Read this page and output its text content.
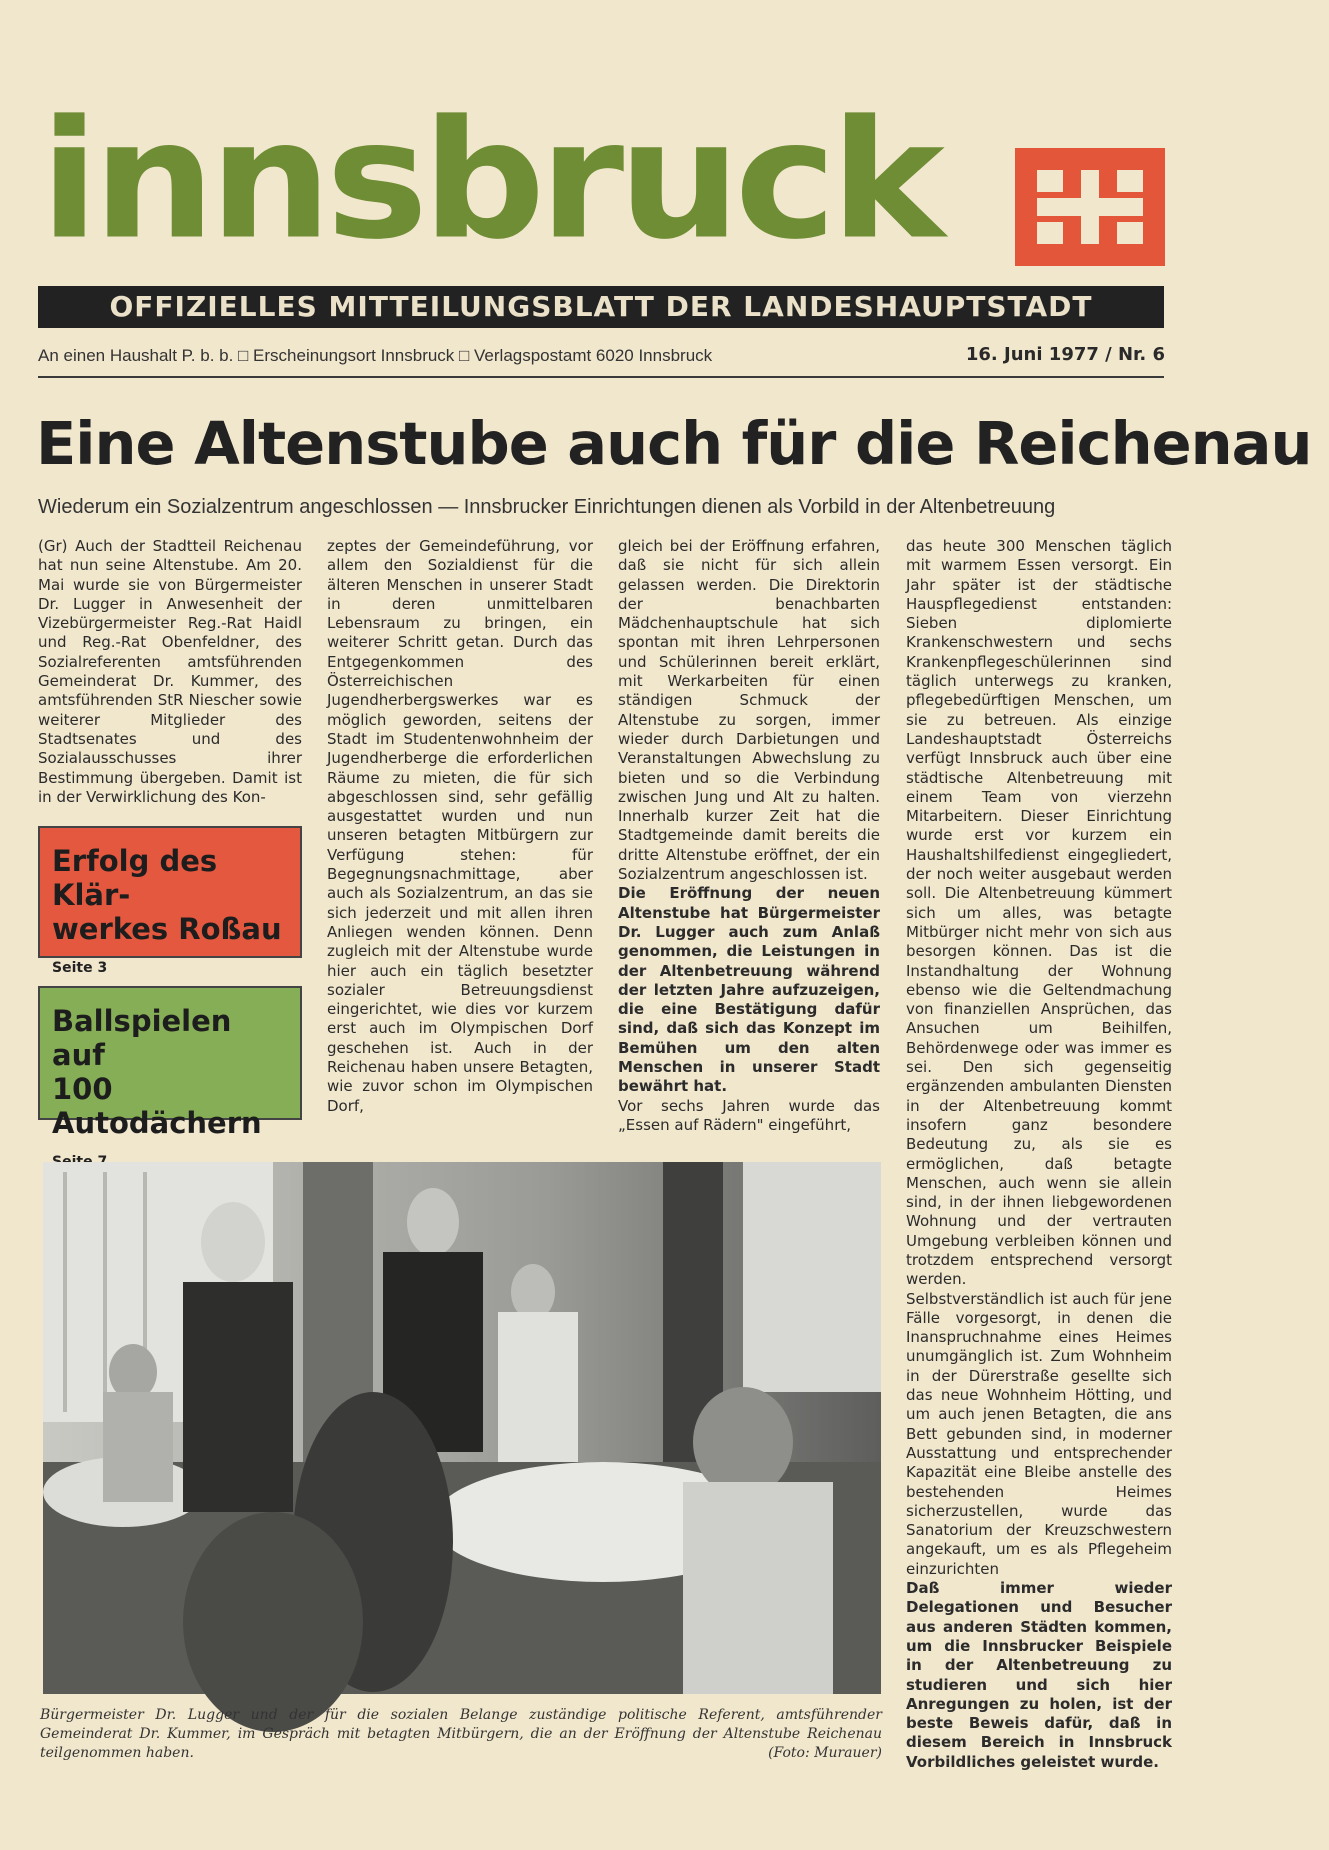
innsbruck
OFFIZIELLES MITTEILUNGSBLATT DER LANDESHAUPTSTADT
An einen Haushalt P. b. b. □ Erscheinungsort Innsbruck □ Verlagspostamt 6020 Innsbruck	16. Juni 1977 / Nr. 6
Eine Altenstube auch für die Reichenau
Wiederum ein Sozialzentrum angeschlossen — Innsbrucker Einrichtungen dienen als Vorbild in der Altenbetreuung
(Gr) Auch der Stadtteil Reichenau hat nun seine Altenstube. Am 20. Mai wurde sie von Bürgermeister Dr. Lugger in Anwesenheit der Vizebürgermeister Reg.-Rat Haidl und Reg.-Rat Obenfeldner, des Sozialreferenten amtsführenden Gemeinderat Dr. Kummer, des amtsführenden StR Niescher sowie weiterer Mitglieder des Stadtsenates und des Sozialausschusses ihrer Bestimmung übergeben. Damit ist in der Verwirklichung des Kon-
Erfolg des Klär-
werkes Roßau
Seite 3
Ballspielen auf
100 Autodächern
zeptes der Gemeindeführung, vor allem den Sozialdienst für die älteren Menschen in unserer Stadt in deren unmittelbaren Lebensraum zu bringen, ein weiterer Schritt getan. Durch das Entgegenkommen des Österreichischen Jugendherbergswerkes war es möglich geworden, seitens der Stadt im Studentenwohnheim der Jugendherberge die erforderlichen Räume zu mieten, die für sich abgeschlossen sind, sehr gefällig ausgestattet wurden und nun unseren betagten Mitbürgern zur Verfügung stehen: für Begegnungsnachmittage, aber auch als Sozialzentrum, an das sie sich jederzeit und mit allen ihren Anliegen wenden können. Denn zugleich mit der Altenstube wurde hier auch ein täglich besetzter sozialer Betreuungsdienst eingerichtet, wie dies vor kurzem erst auch im Olympischen Dorf geschehen ist. Auch in der Reichenau haben unsere Betagten, wie zuvor schon im Olympischen Dorf,
gleich bei der Eröffnung erfahren, daß sie nicht für sich allein gelassen werden. Die Direktorin der benachbarten Mädchenhauptschule hat sich spontan mit ihren Lehrpersonen und Schülerinnen bereit erklärt, mit Werkarbeiten für einen ständigen Schmuck der Altenstube zu sorgen, immer wieder durch Darbietungen und Veranstaltungen Abwechslung zu bieten und so die Verbindung zwischen Jung und Alt zu halten. Innerhalb kurzer Zeit hat die Stadtgemeinde damit bereits die dritte Altenstube eröffnet, der ein Sozialzentrum angeschlossen ist.
Die Eröffnung der neuen Altenstube hat Bürgermeister Dr. Lugger auch zum Anlaß genommen, die Leistungen in der Altenbetreuung während der letzten Jahre aufzuzeigen, die eine Bestätigung dafür sind, daß sich das Konzept im Bemühen um den alten Menschen in unserer Stadt bewährt hat.
Vor sechs Jahren wurde das „Essen auf Rädern" eingeführt,
das heute 300 Menschen täglich mit warmem Essen versorgt. Ein Jahr später ist der städtische Hauspflegedienst entstanden: Sieben diplomierte Krankenschwestern und sechs Krankenpflegeschülerinnen sind täglich unterwegs zu kranken, pflegebedürftigen Menschen, um sie zu betreuen. Als einzige Landeshauptstadt Österreichs verfügt Innsbruck auch über eine städtische Altenbetreuung mit einem Team von vierzehn Mitarbeitern. Dieser Einrichtung wurde erst vor kurzem ein Haushaltshilfedienst eingegliedert, der noch weiter ausgebaut werden soll. Die Altenbetreuung kümmert sich um alles, was betagte Mitbürger nicht mehr von sich aus besorgen können. Das ist die Instandhaltung der Wohnung ebenso wie die Geltendmachung von finanziellen Ansprüchen, das Ansuchen um Beihilfen, Behördenwege oder was immer es sei. Den sich gegenseitig ergänzenden ambulanten Diensten in der Altenbetreuung kommt insofern ganz besondere Bedeutung zu, als sie es ermöglichen, daß betagte Menschen, auch wenn sie allein sind, in der ihnen liebgewordenen Wohnung und der vertrauten Umgebung verbleiben können und trotzdem entsprechend versorgt werden.
Selbstverständlich ist auch für jene Fälle vorgesorgt, in denen die Inanspruchnahme eines Heimes unumgänglich ist. Zum Wohnheim in der Dürerstraße gesellte sich das neue Wohnheim Hötting, und um auch jenen Betagten, die ans Bett gebunden sind, in moderner Ausstattung und entsprechender Kapazität eine Bleibe anstelle des bestehenden Heimes sicherzustellen, wurde das Sanatorium der Kreuzschwestern angekauft, um es als Pflegeheim einzurichten
Daß immer wieder Delegationen und Besucher aus anderen Städten kommen, um die Innsbrucker Beispiele in der Altenbetreuung zu studieren und sich hier Anregungen zu holen, ist der beste Beweis dafür, daß in diesem Bereich in Innsbruck Vorbildliches geleistet wurde.
Bürgermeister Dr. Lugger und der für die sozialen Belange zuständige politische Referent, amtsführender Gemeinderat Dr. Kummer, im Gespräch mit betagten Mitbürgern, die an der Eröffnung der Altenstube Reichenau teilgenommen haben.	(Foto: Murauer)
